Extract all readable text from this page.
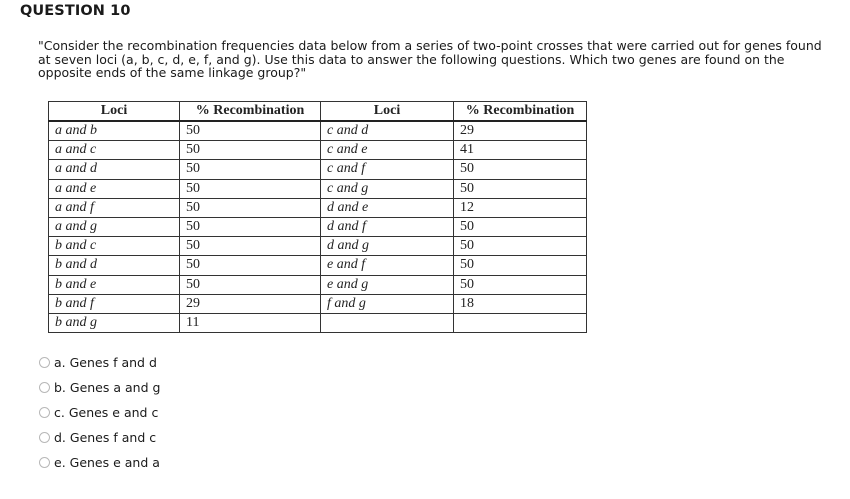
QUESTION 10
"Consider the recombination frequencies data below from a series of two-point crosses that were carried out for genes found at seven loci (a, b, c, d, e, f, and g). Use this data to answer the following questions. Which two genes are found on the opposite ends of the same linkage group?"
Loci	% Recombination	Loci	% Recombination
a and b	50	c and d	29
a and c	50	c and e	41
a and d	50	c and f	50
a and e	50	c and g	50
a and f	50	d and e	12
a and g	50	d and f	50
b and c	50	d and g	50
b and d	50	e and f	50
b and e	50	e and g	50
b and f	29	f and g	18
b and g	11		
a. Genes f and d
b. Genes a and g
c. Genes e and c
d. Genes f and c
e. Genes e and a
